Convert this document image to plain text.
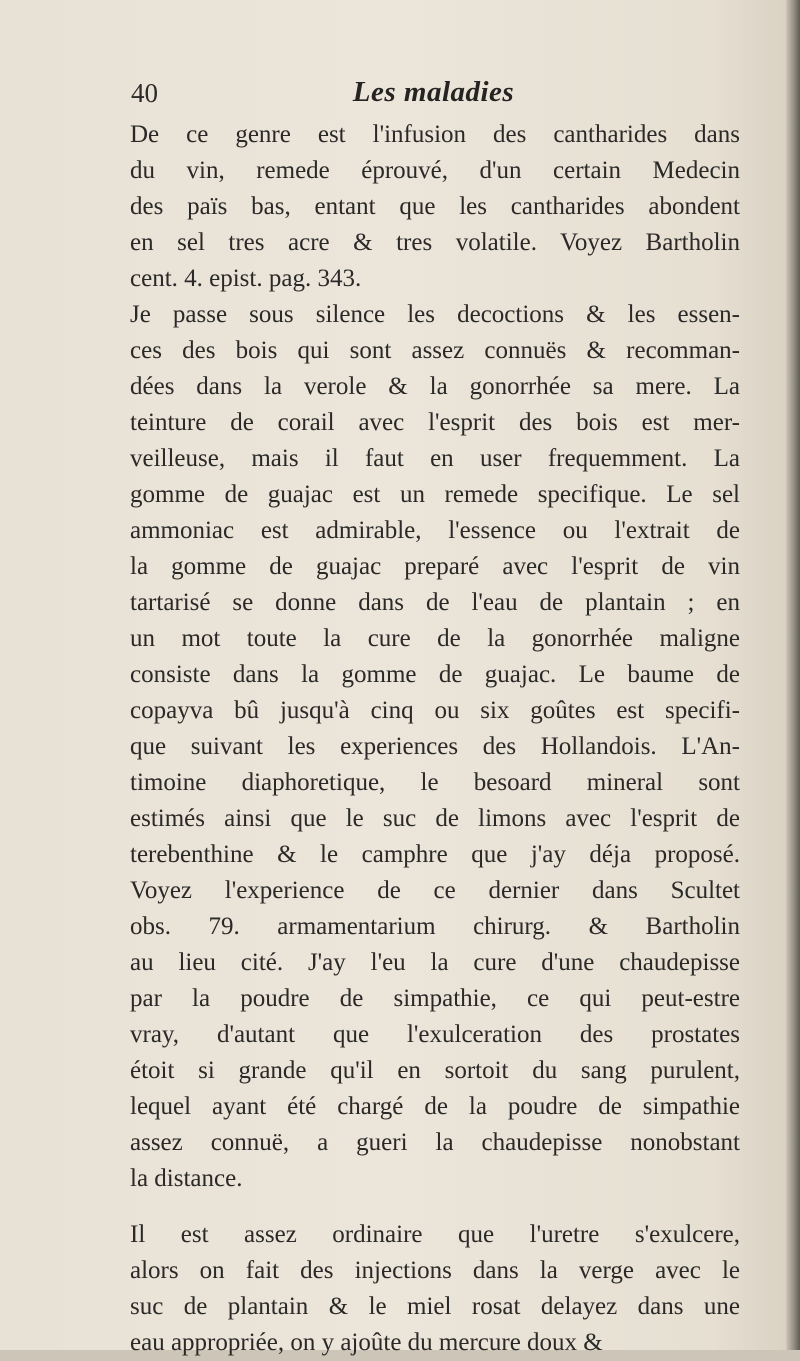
40	Les maladies
De ce genre est l'infusion des cantharides dans
du vin, remede éprouvé, d'un certain Medecin
des païs bas, entant que les cantharides abondent
en sel tres acre & tres volatile. Voyez Bartholin
cent. 4. epist. pag. 343.
Je passe sous silence les decoctions & les essen-
ces des bois qui sont assez connuës & recomman-
dées dans la verole & la gonorrhée sa mere. La
teinture de corail avec l'esprit des bois est mer-
veilleuse, mais il faut en user frequemment. La
gomme de guajac est un remede specifique. Le sel
ammoniac est admirable, l'essence ou l'extrait de
la gomme de guajac preparé avec l'esprit de vin
tartarisé se donne dans de l'eau de plantain ; en
un mot toute la cure de la gonorrhée maligne
consiste dans la gomme de guajac. Le baume de
copayva bû jusqu'à cinq ou six goûtes est specifi-
que suivant les experiences des Hollandois. L'An-
timoine diaphoretique, le besoard mineral sont
estimés ainsi que le suc de limons avec l'esprit de
terebenthine & le camphre que j'ay déja proposé.
Voyez l'experience de ce dernier dans Scultet
obs. 79. armamentarium chirurg. & Bartholin
au lieu cité. J'ay l'eu la cure d'une chaudepisse
par la poudre de simpathie, ce qui peut-estre
vray, d'autant que l'exulceration des prostates
étoit si grande qu'il en sortoit du sang purulent,
lequel ayant été chargé de la poudre de simpathie
assez connuë, a gueri la chaudepisse nonobstant
la distance.
Il est assez ordinaire que l'uretre s'exulcere,
alors on fait des injections dans la verge avec le
suc de plantain & le miel rosat delayez dans une
eau appropriée, on y ajoûte du mercure doux &
